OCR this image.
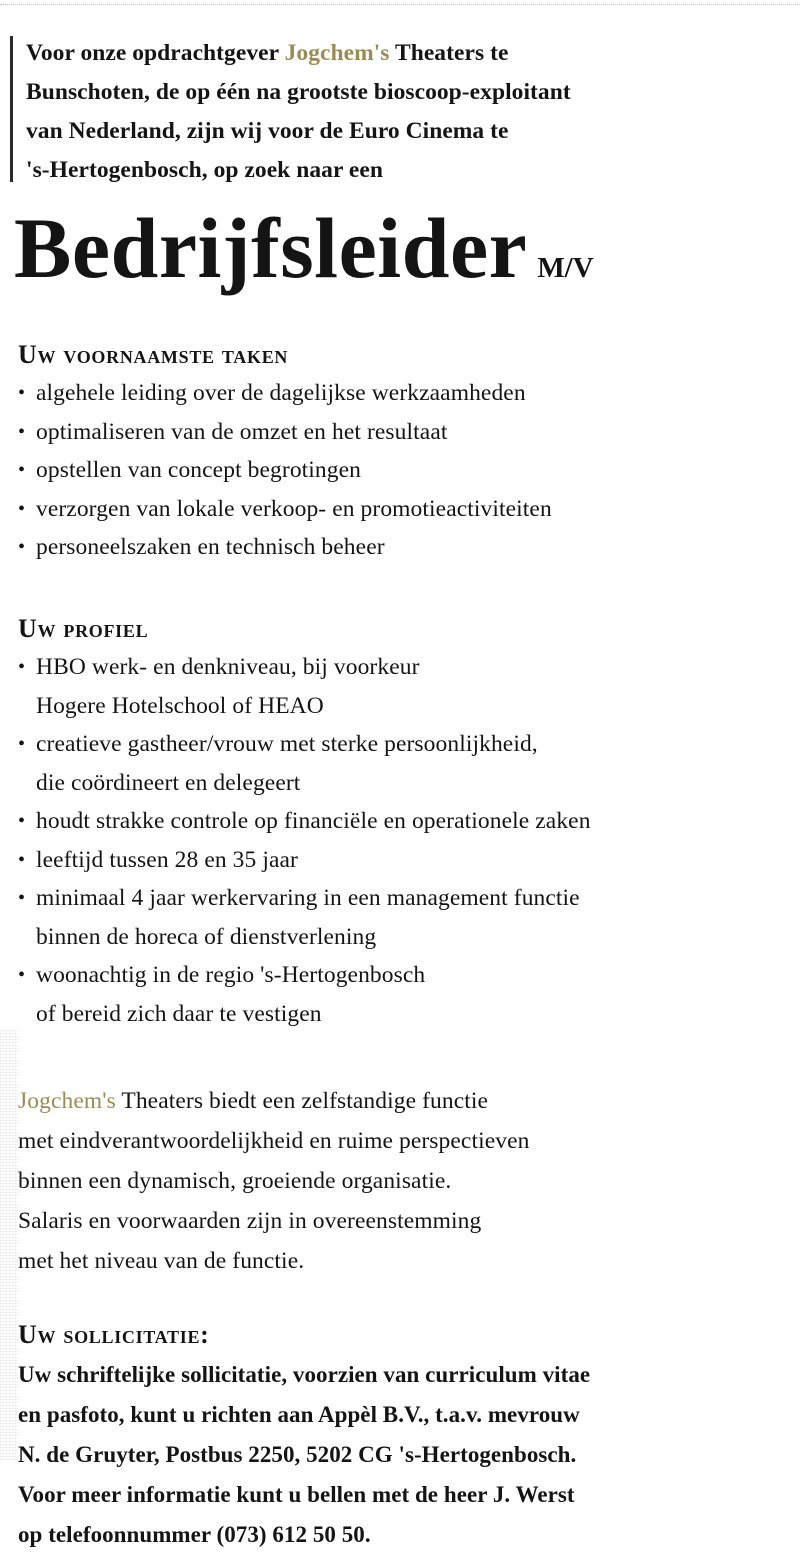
Voor onze opdrachtgever Jogchem's Theaters te
Bunschoten, de op één na grootste bioscoop-exploitant
van Nederland, zijn wij voor de Euro Cinema te
's-Hertogenbosch, op zoek naar een
Bedrijfsleider M/V
Uw voornaamste taken
• algehele leiding over de dagelijkse werkzaamheden
• optimaliseren van de omzet en het resultaat
• opstellen van concept begrotingen
• verzorgen van lokale verkoop- en promotieactiviteiten
• personeelszaken en technisch beheer
Uw profiel
• HBO werk- en denkniveau, bij voorkeur
Hogere Hotelschool of HEAO
• creatieve gastheer/vrouw met sterke persoonlijkheid,
die coördineert en delegeert
• houdt strakke controle op financiële en operationele zaken
• leeftijd tussen 28 en 35 jaar
• minimaal 4 jaar werkervaring in een management functie
binnen de horeca of dienstverlening
• woonachtig in de regio 's-Hertogenbosch
of bereid zich daar te vestigen
Jogchem's Theaters biedt een zelfstandige functie
met eindverantwoordelijkheid en ruime perspectieven
binnen een dynamisch, groeiende organisatie.
Salaris en voorwaarden zijn in overeenstemming
met het niveau van de functie.
Uw sollicitatie:
Uw schriftelijke sollicitatie, voorzien van curriculum vitae
en pasfoto, kunt u richten aan Appèl B.V., t.a.v. mevrouw
N. de Gruyter, Postbus 2250, 5202 CG 's-Hertogenbosch.
Voor meer informatie kunt u bellen met de heer J. Werst
op telefoonnummer (073) 612 50 50.
